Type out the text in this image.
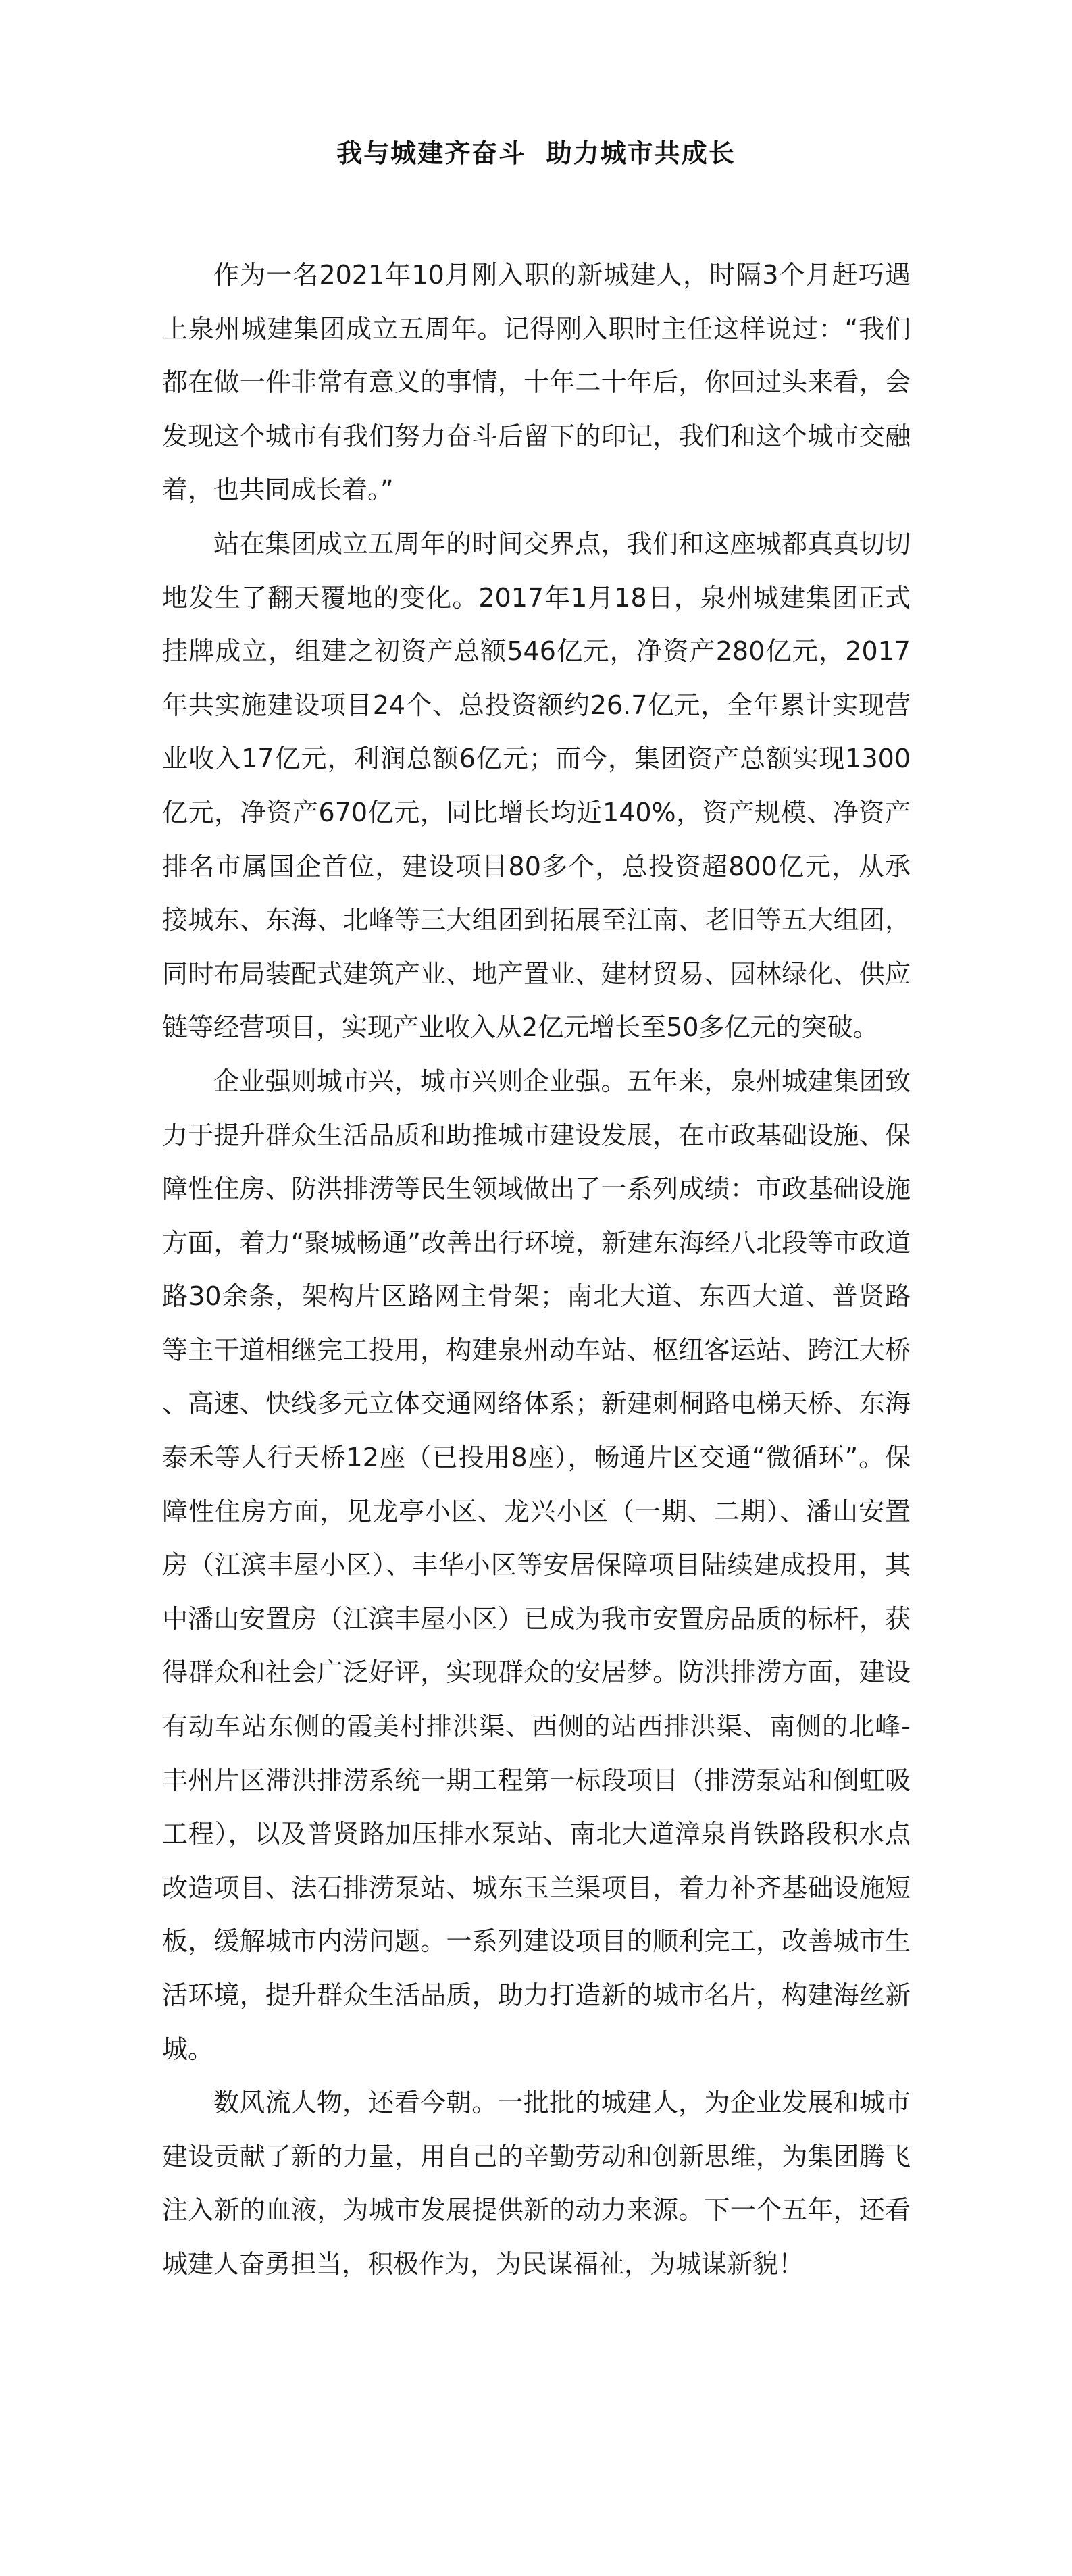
我与城建齐奋斗  助力城市共成长

作为一名2021年10月刚入职的新城建人，时隔3个月赶巧遇上泉州城建集团成立五周年。记得刚入职时主任这样说过：“我们都在做一件非常有意义的事情，十年二十年后，你回过头来看，会发现这个城市有我们努力奋斗后留下的印记，我们和这个城市交融着，也共同成长着。”

站在集团成立五周年的时间交界点，我们和这座城都真真切切地发生了翻天覆地的变化。2017年1月18日，泉州城建集团正式挂牌成立，组建之初资产总额546亿元，净资产280亿元，2017年共实施建设项目24个、总投资额约26.7亿元，全年累计实现营业收入17亿元，利润总额6亿元；而今，集团资产总额实现1300亿元，净资产670亿元，同比增长均近140%，资产规模、净资产排名市属国企首位，建设项目80多个，总投资超800亿元，从承接城东、东海、北峰等三大组团到拓展至江南、老旧等五大组团，同时布局装配式建筑产业、地产置业、建材贸易、园林绿化、供应链等经营项目，实现产业收入从2亿元增长至50多亿元的突破。

企业强则城市兴，城市兴则企业强。五年来，泉州城建集团致力于提升群众生活品质和助推城市建设发展，在市政基础设施、保障性住房、防洪排涝等民生领域做出了一系列成绩：市政基础设施方面，着力“聚城畅通”改善出行环境，新建东海经八北段等市政道路30余条，架构片区路网主骨架；南北大道、东西大道、普贤路等主干道相继完工投用，构建泉州动车站、枢纽客运站、跨江大桥、高速、快线多元立体交通网络体系；新建刺桐路电梯天桥、东海泰禾等人行天桥12座（已投用8座），畅通片区交通“微循环”。保障性住房方面，见龙亭小区、龙兴小区（一期、二期）、潘山安置房（江滨丰屋小区）、丰华小区等安居保障项目陆续建成投用，其中潘山安置房（江滨丰屋小区）已成为我市安置房品质的标杆，获得群众和社会广泛好评，实现群众的安居梦。防洪排涝方面，建设有动车站东侧的霞美村排洪渠、西侧的站西排洪渠、南侧的北峰-丰州片区滞洪排涝系统一期工程第一标段项目（排涝泵站和倒虹吸工程），以及普贤路加压排水泵站、南北大道漳泉肖铁路段积水点改造项目、法石排涝泵站、城东玉兰渠项目，着力补齐基础设施短板，缓解城市内涝问题。一系列建设项目的顺利完工，改善城市生活环境，提升群众生活品质，助力打造新的城市名片，构建海丝新城。

数风流人物，还看今朝。一批批的城建人，为企业发展和城市建设贡献了新的力量，用自己的辛勤劳动和创新思维，为集团腾飞注入新的血液，为城市发展提供新的动力来源。下一个五年，还看城建人奋勇担当，积极作为，为民谋福祉，为城谋新貌！
